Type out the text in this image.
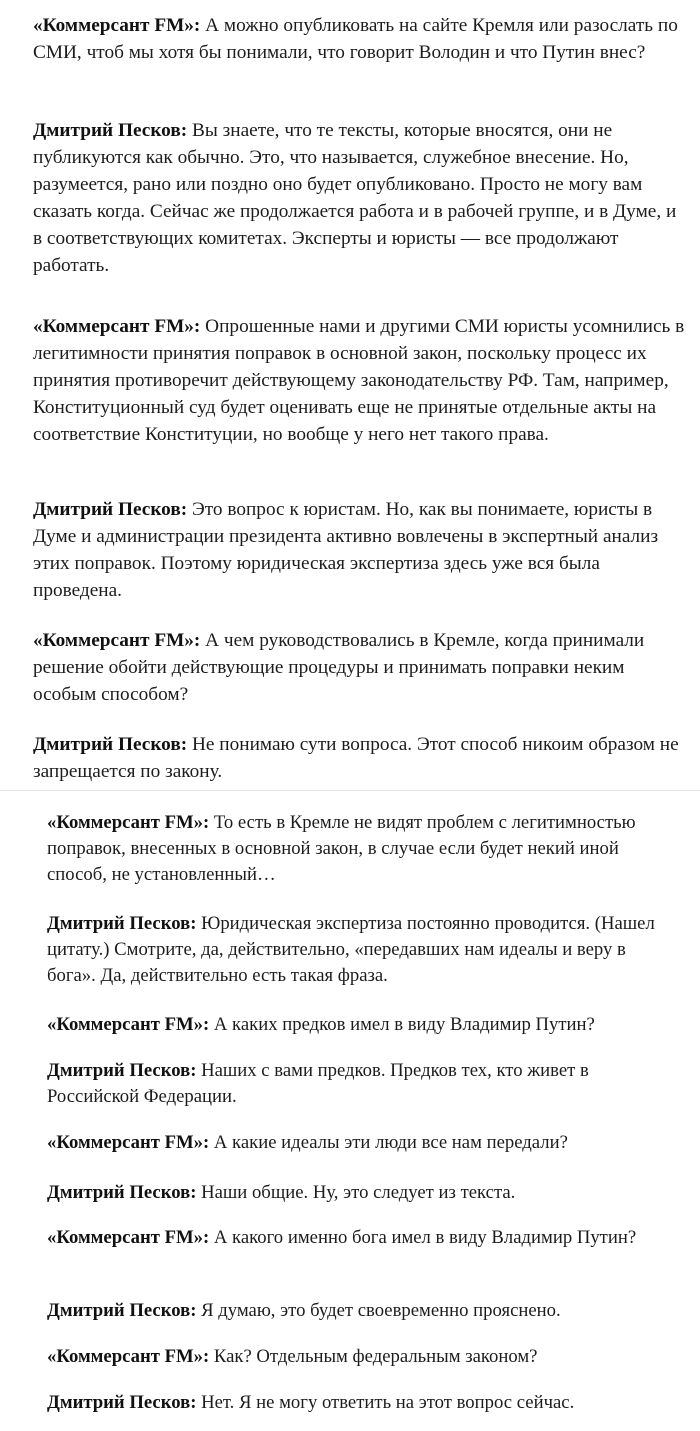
«Коммерсант FM»: А можно опубликовать на сайте Кремля или разослать по СМИ, чтоб мы хотя бы понимали, что говорит Володин и что Путин внес?

Дмитрий Песков: Вы знаете, что те тексты, которые вносятся, они не публикуются как обычно. Это, что называется, служебное внесение. Но, разумеется, рано или поздно оно будет опубликовано. Просто не могу вам сказать когда. Сейчас же продолжается работа и в рабочей группе, и в Думе, и в соответствующих комитетах. Эксперты и юристы — все продолжают работать.

«Коммерсант FM»: Опрошенные нами и другими СМИ юристы усомнились в легитимности принятия поправок в основной закон, поскольку процесс их принятия противоречит действующему законодательству РФ. Там, например, Конституционный суд будет оценивать еще не принятые отдельные акты на соответствие Конституции, но вообще у него нет такого права.

Дмитрий Песков: Это вопрос к юристам. Но, как вы понимаете, юристы в Думе и администрации президента активно вовлечены в экспертный анализ этих поправок. Поэтому юридическая экспертиза здесь уже вся была проведена.

«Коммерсант FM»: А чем руководствовались в Кремле, когда принимали решение обойти действующие процедуры и принимать поправки неким особым способом?

Дмитрий Песков: Не понимаю сути вопроса. Этот способ никоим образом не запрещается по закону.

«Коммерсант FM»: То есть в Кремле не видят проблем с легитимностью поправок, внесенных в основной закон, в случае если будет некий иной способ, не установленный…

Дмитрий Песков: Юридическая экспертиза постоянно проводится. (Нашел цитату.) Смотрите, да, действительно, «передавших нам идеалы и веру в бога». Да, действительно есть такая фраза.

«Коммерсант FM»: А каких предков имел в виду Владимир Путин?

Дмитрий Песков: Наших с вами предков. Предков тех, кто живет в Российской Федерации.

«Коммерсант FM»: А какие идеалы эти люди все нам передали?

Дмитрий Песков: Наши общие. Ну, это следует из текста.

«Коммерсант FM»: А какого именно бога имел в виду Владимир Путин?

Дмитрий Песков: Я думаю, это будет своевременно прояснено.

«Коммерсант FM»: Как? Отдельным федеральным законом?

Дмитрий Песков: Нет. Я не могу ответить на этот вопрос сейчас.
